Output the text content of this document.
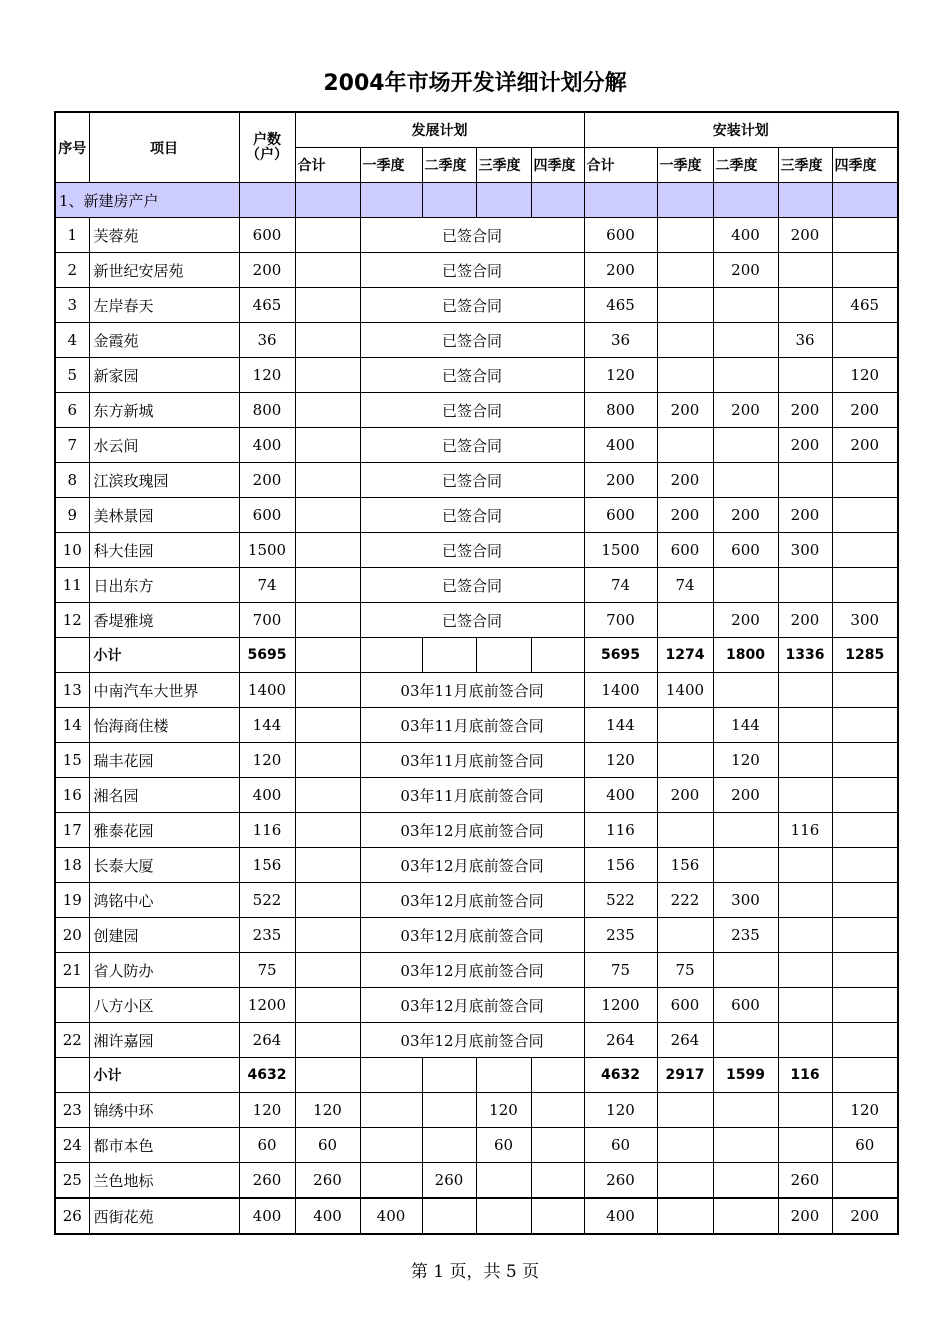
2004年市场开发详细计划分解
序号	项目	户数（户）	发展计划					安装计划				
			合计	一季度	二季度	三季度	四季度	合计	一季度	二季度	三季度	四季度
1、新建房产户												
1	芙蓉苑	600		已签合同				600		400	200	
2	新世纪安居苑	200		已签合同				200		200		
3	左岸春天	465		已签合同				465				465
4	金霞苑	36		已签合同				36			36	
5	新家园	120		已签合同				120				120
6	东方新城	800		已签合同				800	200	200	200	200
7	水云间	400		已签合同				400			200	200
8	江滨玫瑰园	200		已签合同				200	200			
9	美林景园	600		已签合同				600	200	200	200	
10	科大佳园	1500		已签合同				1500	600	600	300	
11	日出东方	74		已签合同				74	74			
12	香堤雅境	700		已签合同				700		200	200	300
	小计	5695						5695	1274	1800	1336	1285
13	中南汽车大世界	1400		03年11月底前签合同				1400	1400			
14	怡海商住楼	144		03年11月底前签合同				144		144		
15	瑞丰花园	120		03年11月底前签合同				120		120		
16	湘名园	400		03年11月底前签合同				400	200	200		
17	雅泰花园	116		03年12月底前签合同				116			116	
18	长泰大厦	156		03年12月底前签合同				156	156			
19	鸿铭中心	522		03年12月底前签合同				522	222	300		
20	创建园	235		03年12月底前签合同				235		235		
21	省人防办	75		03年12月底前签合同				75	75			
	八方小区	1200		03年12月底前签合同				1200	600	600		
22	湘许嘉园	264		03年12月底前签合同				264	264			
	小计	4632						4632	2917	1599	116	
23	锦绣中环	120	120			120		120				120
24	都市本色	60	60			60		60				60
25	兰色地标	260	260		260			260			260	
26	西街花苑	400	400	400				400			200	200
第 1 页，共 5 页
